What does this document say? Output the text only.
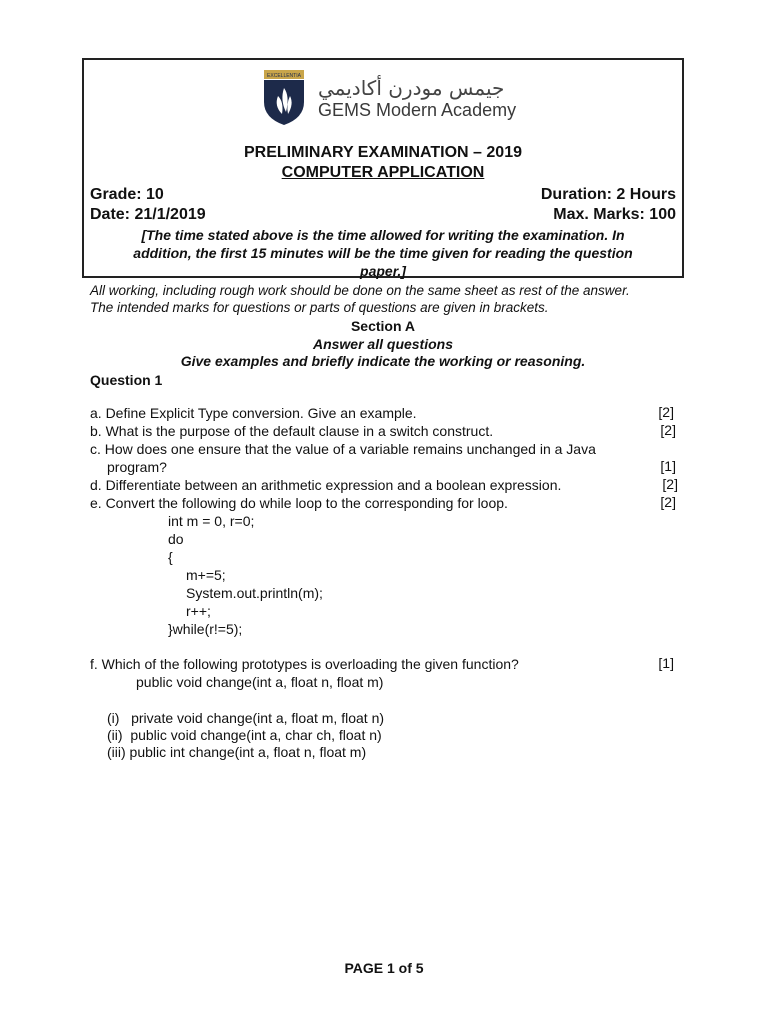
EXCELLENTIA جيمس مودرن أكاديمي
GEMS Modern Academy
PRELIMINARY EXAMINATION – 2019
COMPUTER APPLICATION
Grade: 10	Duration: 2 Hours
Date: 21/1/2019	Max. Marks: 100
[The time stated above is the time allowed for writing the examination. In
addition, the first 15 minutes will be the time given for reading the question
paper.]
All working, including rough work should be done on the same sheet as rest of the answer.
The intended marks for questions or parts of questions are given in brackets.
Section A
Answer all questions
Give examples and briefly indicate the working or reasoning.
Question 1
a. Define Explicit Type conversion. Give an example.	[2]
b. What is the purpose of the default clause in a switch construct.	[2]
c. How does one ensure that the value of a variable remains unchanged in a Java
program?	[1]
d. Differentiate between an arithmetic expression and a boolean expression.	[2]
e. Convert the following do while loop to the corresponding for loop.	[2]
int m = 0, r=0;
do
{
m+=5;
System.out.println(m);
r++;
}while(r!=5);
f. Which of the following prototypes is overloading the given function?	[1]
public void change(int a, float n, float m)
(i)   private void change(int a, float m, float n)
(ii)  public void change(int a, char ch, float n)
(iii) public int change(int a, float n, float m)
PAGE 1 of 5
